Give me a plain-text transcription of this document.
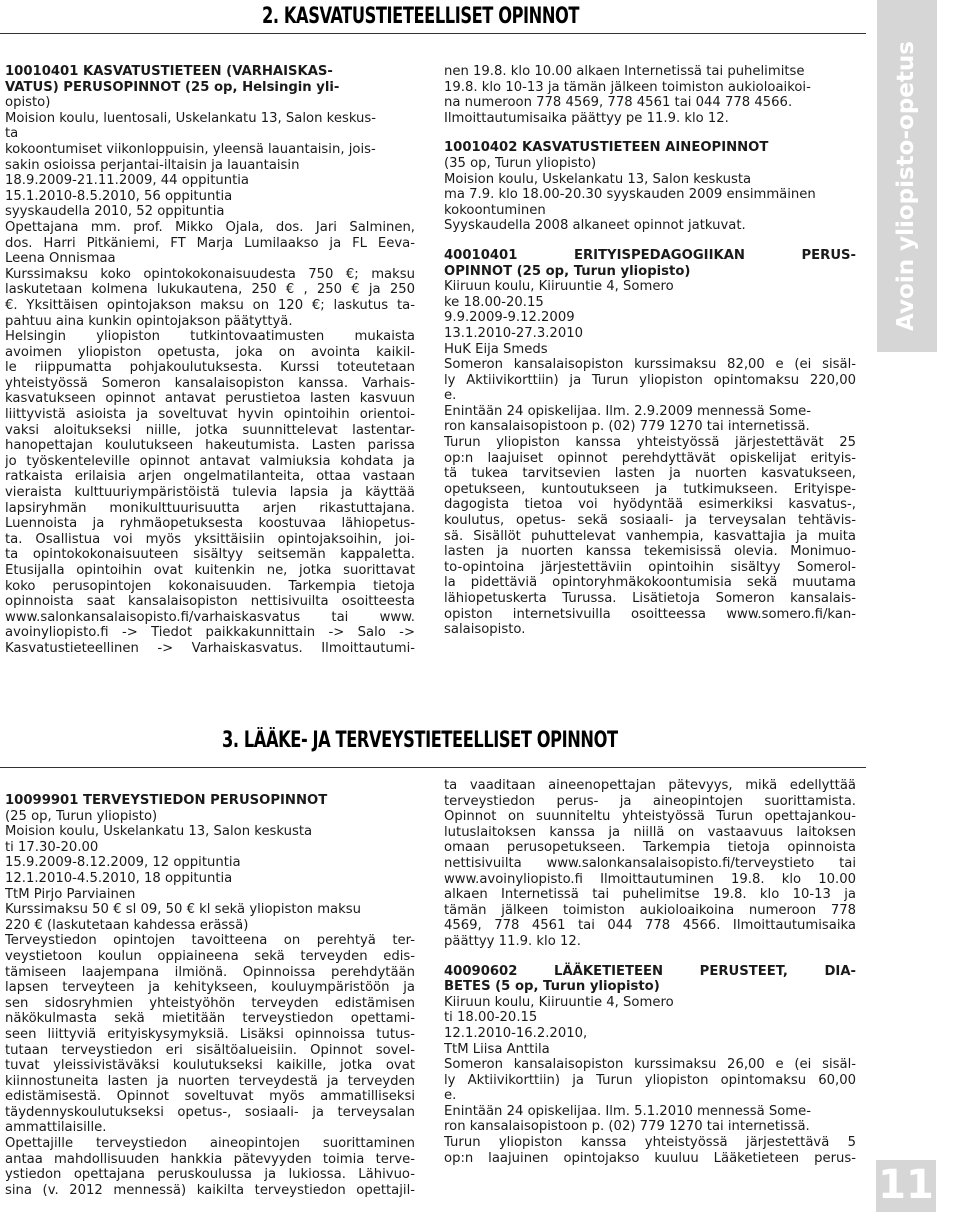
2. KASVATUSTIETEELLISET OPINNOT

10010401 KASVATUSTIETEEN (VARHAISKAS-

VATUS) PERUSOPINNOT (25 op, Helsingin yli-

opisto)

Moision koulu, luentosali, Uskelankatu 13, Salon keskus-

ta

kokoontumiset viikonloppuisin, yleensä lauantaisin, jois-

sakin osioissa perjantai-iltaisin ja lauantaisin

18.9.2009-21.11.2009, 44 oppituntia

15.1.2010-8.5.2010, 56 oppituntia

syyskaudella 2010, 52 oppituntia

Opettajana mm. prof. Mikko Ojala, dos. Jari Salminen,

dos. Harri Pitkäniemi, FT Marja Lumilaakso ja FL Eeva-

Leena Onnismaa

Kurssimaksu koko opintokokonaisuudesta 750 €; maksu

laskutetaan kolmena lukukautena, 250 € , 250 € ja 250

€. Yksittäisen opintojakson maksu on 120 €; laskutus ta-

pahtuu aina kunkin opintojakson päätyttyä.

Helsingin yliopiston tutkintovaatimusten mukaista

avoimen yliopiston opetusta, joka on avointa kaikil-

le riippumatta pohjakoulutuksesta. Kurssi toteutetaan

yhteistyössä Someron kansalaisopiston kanssa. Varhais-

kasvatukseen opinnot antavat perustietoa lasten kasvuun

liittyvistä asioista ja soveltuvat hyvin opintoihin orientoi-

vaksi aloitukseksi niille, jotka suunnittelevat lastentar-

hanopettajan koulutukseen hakeutumista. Lasten parissa

jo työskenteleville opinnot antavat valmiuksia kohdata ja

ratkaista erilaisia arjen ongelmatilanteita, ottaa vastaan

vieraista kulttuuriympäristöistä tulevia lapsia ja käyttää

lapsiryhmän monikulttuurisuutta arjen rikastuttajana.

Luennoista ja ryhmäopetuksesta koostuvaa lähiopetus-

ta. Osallistua voi myös yksittäisiin opintojaksoihin, joi-

ta opintokokonaisuuteen sisältyy seitsemän kappaletta.

Etusijalla opintoihin ovat kuitenkin ne, jotka suorittavat

koko perusopintojen kokonaisuuden. Tarkempia tietoja

opinnoista saat kansalaisopiston nettisivuilta osoitteesta

www.salonkansalaisopisto.fi/varhaiskasvatus tai www.

avoinyliopisto.fi -> Tiedot paikkakunnittain -> Salo ->

Kasvatustieteellinen -> Varhaiskasvatus. Ilmoittautumi-

nen 19.8. klo 10.00 alkaen Internetissä tai puhelimitse

19.8. klo 10-13 ja tämän jälkeen toimiston aukioloaikoi-

na numeroon 778 4569, 778 4561 tai 044 778 4566.

Ilmoittautumisaika päättyy pe 11.9. klo 12.

10010402 KASVATUSTIETEEN AINEOPINNOT

(35 op, Turun yliopisto)

Moision koulu, Uskelankatu 13, Salon keskusta

ma 7.9. klo 18.00-20.30 syyskauden 2009 ensimmäinen

kokoontuminen

Syyskaudella 2008 alkaneet opinnot jatkuvat.

40010401 ERITYISPEDAGOGIIKAN PERUS-

OPINNOT (25 op, Turun yliopisto)

Kiiruun koulu, Kiiruuntie 4, Somero

ke 18.00-20.15

9.9.2009-9.12.2009

13.1.2010-27.3.2010

HuK Eija Smeds

Someron kansalaisopiston kurssimaksu 82,00 e (ei sisäl-

ly Aktiivikorttiin) ja Turun yliopiston opintomaksu 220,00

e.

Enintään 24 opiskelijaa. Ilm. 2.9.2009 mennessä Some-

ron kansalaisopistoon p. (02) 779 1270 tai internetissä.

Turun yliopiston kanssa yhteistyössä järjestettävät 25

op:n laajuiset opinnot perehdyttävät opiskelijat erityis-

tä tukea tarvitsevien lasten ja nuorten kasvatukseen,

opetukseen, kuntoutukseen ja tutkimukseen. Erityispe-

dagogista tietoa voi hyödyntää esimerkiksi kasvatus-,

koulutus, opetus- sekä sosiaali- ja terveysalan tehtävis-

sä. Sisällöt puhuttelevat vanhempia, kasvattajia ja muita

lasten ja nuorten kanssa tekemisissä olevia. Monimuo-

to-opintoina järjestettäviin opintoihin sisältyy Somerol-

la pidettäviä opintoryhmäkokoontumisia sekä muutama

lähiopetuskerta Turussa. Lisätietoja Someron kansalais-

opiston internetsivuilla osoitteessa www.somero.fi/kan-

salaisopisto.

3. LÄÄKE- JA TERVEYSTIETEELLISET OPINNOT

10099901 TERVEYSTIEDON PERUSOPINNOT

(25 op, Turun yliopisto)

Moision koulu, Uskelankatu 13, Salon keskusta

ti 17.30-20.00

15.9.2009-8.12.2009, 12 oppituntia

12.1.2010-4.5.2010, 18 oppituntia

TtM Pirjo Parviainen

Kurssimaksu 50 € sl 09, 50 € kl sekä yliopiston maksu

220 € (laskutetaan kahdessa erässä)

Terveystiedon opintojen tavoitteena on perehtyä ter-

veystietoon koulun oppiaineena sekä terveyden edis-

tämiseen laajempana ilmiönä. Opinnoissa perehdytään

lapsen terveyteen ja kehitykseen, kouluympäristöön ja

sen sidosryhmien yhteistyöhön terveyden edistämisen

näkökulmasta sekä mietitään terveystiedon opettami-

seen liittyviä erityiskysymyksiä. Lisäksi opinnoissa tutus-

tutaan terveystiedon eri sisältöalueisiin. Opinnot sovel-

tuvat yleissivistäväksi koulutukseksi kaikille, jotka ovat

kiinnostuneita lasten ja nuorten terveydestä ja terveyden

edistämisestä. Opinnot soveltuvat myös ammatilliseksi

täydennyskoulutukseksi opetus-, sosiaali- ja terveysalan

ammattilaisille.

Opettajille terveystiedon aineopintojen suorittaminen

antaa mahdollisuuden hankkia pätevyyden toimia terve-

ystiedon opettajana peruskoulussa ja lukiossa. Lähivuo-

sina (v. 2012 mennessä) kaikilta terveystiedon opettajil-

ta vaaditaan aineenopettajan pätevyys, mikä edellyttää

terveystiedon perus- ja aineopintojen suorittamista.

Opinnot on suunniteltu yhteistyössä Turun opettajankou-

lutuslaitoksen kanssa ja niillä on vastaavuus laitoksen

omaan perusopetukseen. Tarkempia tietoja opinnoista

nettisivuilta www.salonkansalaisopisto.fi/terveystieto tai

www.avoinyliopisto.fi Ilmoittautuminen 19.8. klo 10.00

alkaen Internetissä tai puhelimitse 19.8. klo 10-13 ja

tämän jälkeen toimiston aukioloaikoina numeroon 778

4569, 778 4561 tai 044 778 4566. Ilmoittautumisaika

päättyy 11.9. klo 12.

40090602 LÄÄKETIETEEN PERUSTEET, DIA-

BETES (5 op, Turun yliopisto)

Kiiruun koulu, Kiiruuntie 4, Somero

ti 18.00-20.15

12.1.2010-16.2.2010,

TtM Liisa Anttila

Someron kansalaisopiston kurssimaksu 26,00 e (ei sisäl-

ly Aktiivikorttiin) ja Turun yliopiston opintomaksu 60,00

e.

Enintään 24 opiskelijaa. Ilm. 5.1.2010 mennessä Some-

ron kansalaisopistoon p. (02) 779 1270 tai internetissä.

Turun yliopiston kanssa yhteistyössä järjestettävä 5

op:n laajuinen opintojakso kuuluu Lääketieteen perus-

Avoin yliopisto-opetus
11
